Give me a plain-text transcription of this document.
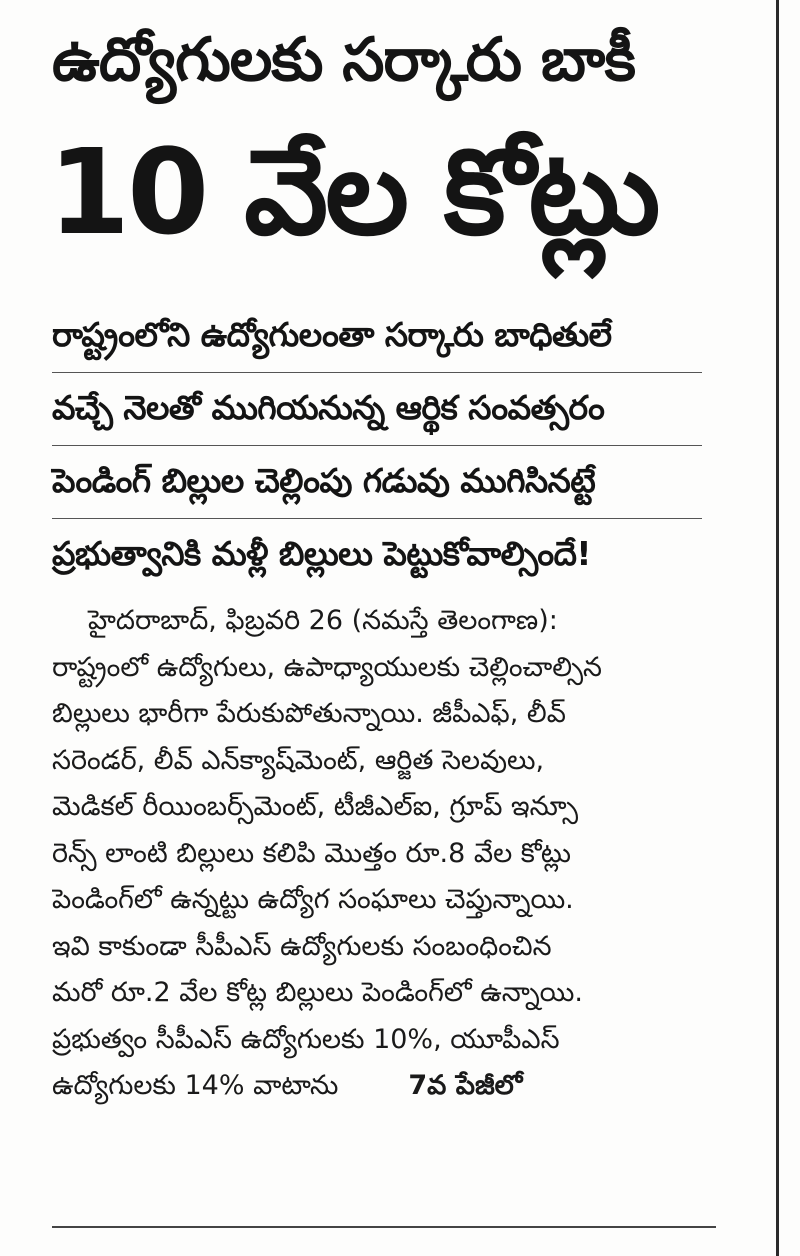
ఉద్యోగులకు సర్కారు బాకీ
10 వేల కోట్లు
రాష్ట్రంలోని ఉద్యోగులంతా సర్కారు బాధితులే
వచ్చే నెలతో ముగియనున్న ఆర్థిక సంవత్సరం
పెండింగ్ బిల్లుల చెల్లింపు గడువు ముగిసినట్టే
ప్రభుత్వానికి మళ్లీ బిల్లులు పెట్టుకోవాల్సిందే!
హైదరాబాద్, ఫిబ్రవరి 26 (నమస్తే తెలంగాణ):
రాష్ట్రంలో ఉద్యోగులు, ఉపాధ్యాయులకు చెల్లించాల్సిన
బిల్లులు భారీగా పేరుకుపోతున్నాయి. జీపీఎఫ్, లీవ్
సరెండర్, లీవ్ ఎన్‌క్యాష్‌మెంట్, ఆర్జిత సెలవులు,
మెడికల్ రీయింబర్స్‌మెంట్, టీజీఎల్ఐ, గ్రూప్ ఇన్సూ
రెన్స్ లాంటి బిల్లులు కలిపి మొత్తం రూ.8 వేల కోట్లు
పెండింగ్‌లో ఉన్నట్టు ఉద్యోగ సంఘాలు చెప్తున్నాయి.
ఇవి కాకుండా సీపీఎస్ ఉద్యోగులకు సంబంధించిన
మరో రూ.2 వేల కోట్ల బిల్లులు పెండింగ్‌లో ఉన్నాయి.
ప్రభుత్వం సీపీఎస్ ఉద్యోగులకు 10%, యూపీఎస్
ఉద్యోగులకు 14% వాటాను	7వ పేజీలో
